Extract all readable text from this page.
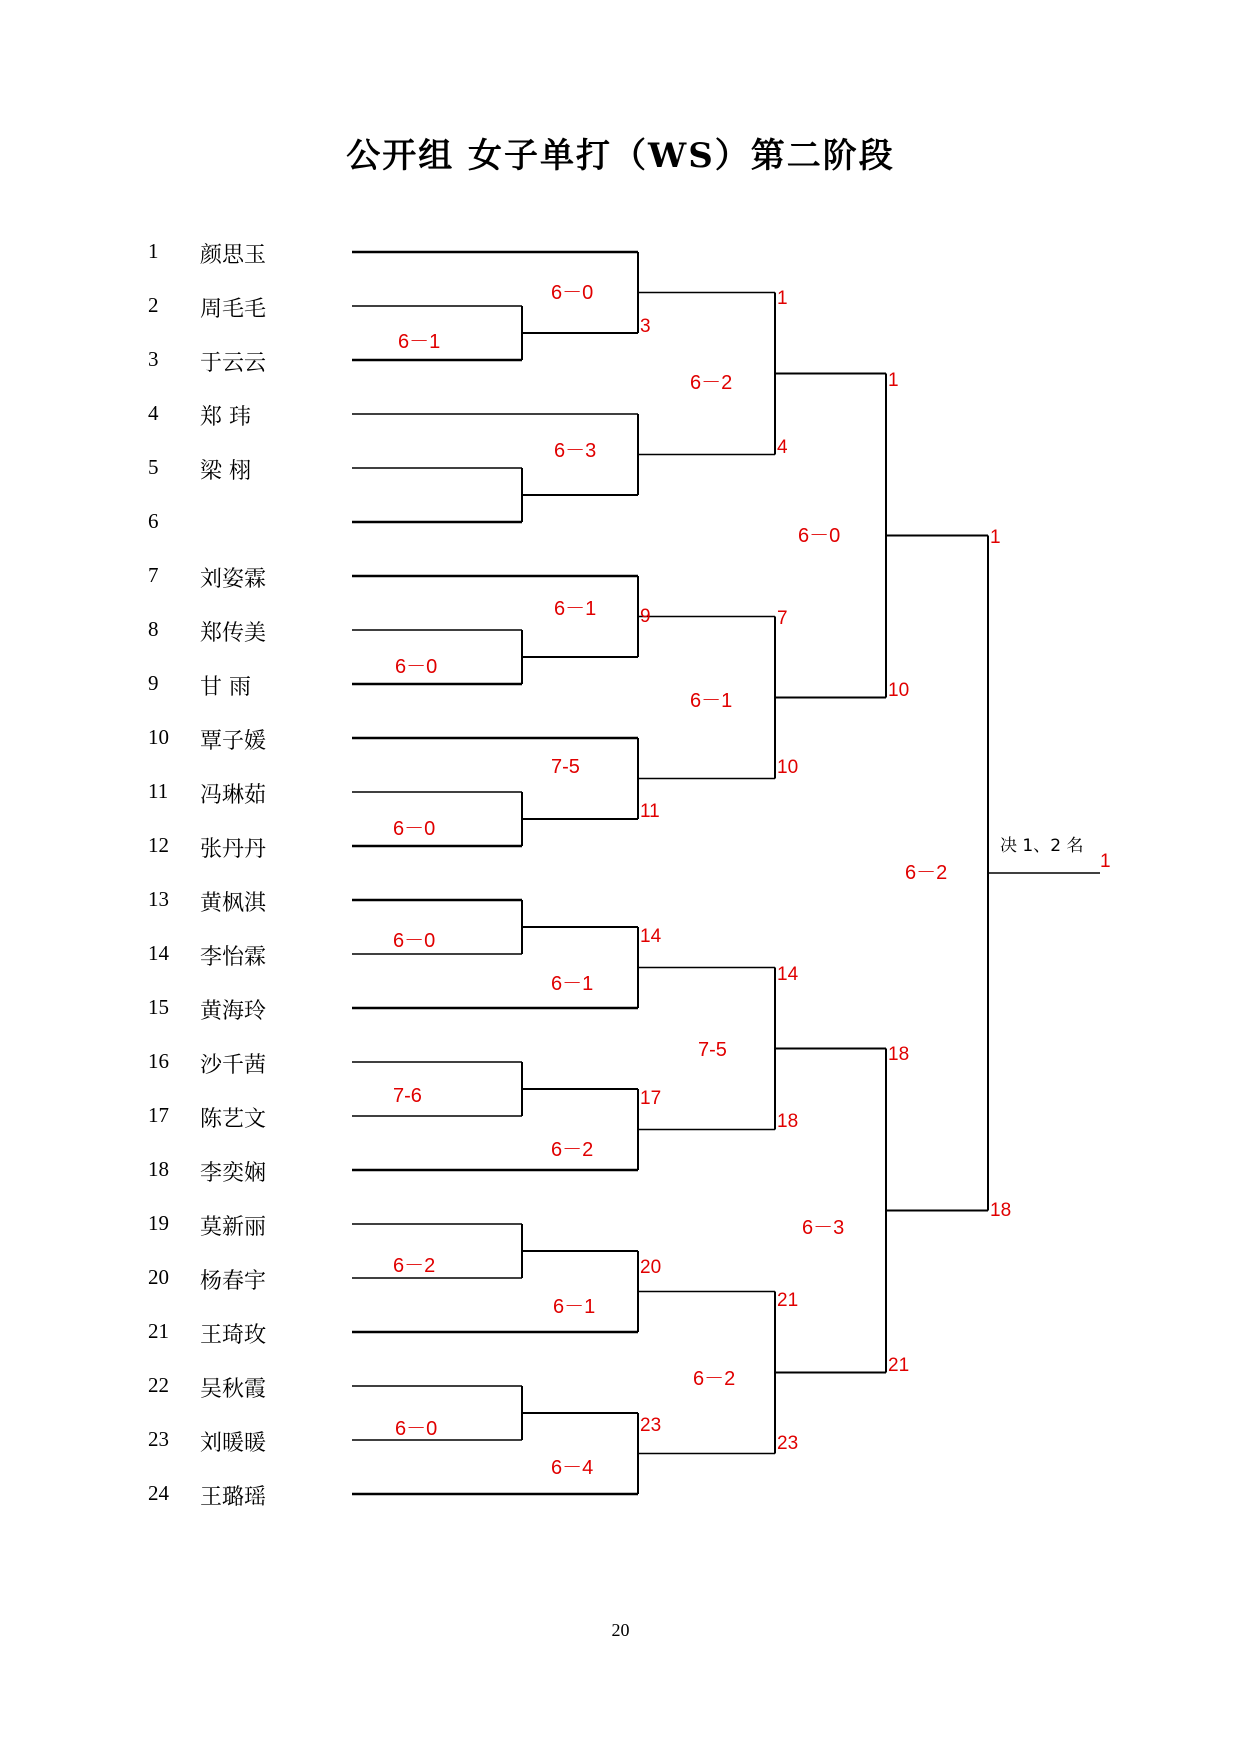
公开组 女子单打（WS）第二阶段
1 颜思玉
2 周毛毛
3 于云云
4 郑 玮
5 梁 栩
6
7 刘姿霖
8 郑传美
9 甘 雨
10 覃子媛
11 冯琳茹
12 张丹丹
13 黄枫淇
14 李怡霖
15 黄海玲
16 沙千茜
17 陈艺文
18 李奕娴
19 莫新丽
20 杨春宇
21 王琦玫
22 吴秋霞
23 刘暖暖
24 王璐瑶
6－1
6－0
6－0
6－0
7-6
6－2
6－0
6－0
6－3
6－1
7-5
6－1
6－2
6－1
6－4
6－2
6－1
7-5
6－2
6－0
6－3
6－2
3
9
11
14
17
20
23
1
4
7
10
14
18
21
23
1
10
18
21
1
18
1
决 1、2 名
20
